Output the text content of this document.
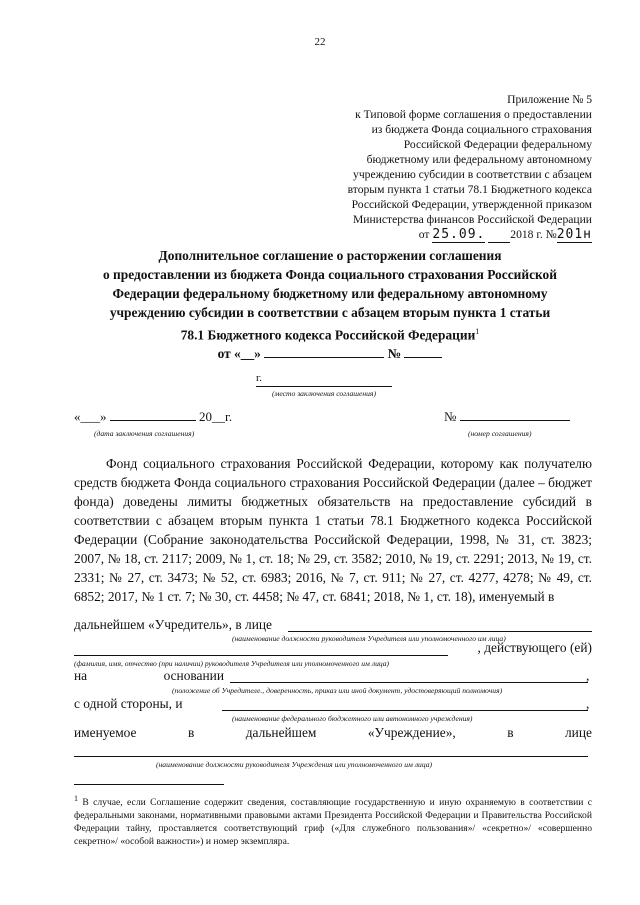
22
Приложение № 5
к Типовой форме соглашения о предоставлении
из бюджета Фонда социального страхования
Российской Федерации федеральному
бюджетному или федеральному автономному
учреждению субсидии в соответствии с абзацем
вторым пункта 1 статьи 78.1 Бюджетного кодекса
Российской Федерации, утвержденной приказом
Министерства финансов Российской Федерации
от 25.09. 2018 г. №201н
Дополнительное соглашение о расторжении соглашения
о предоставлении из бюджета Фонда социального страхования Российской
Федерации федеральному бюджетному или федеральному автономному
учреждению субсидии в соответствии с абзацем вторым пункта 1 статьи
78.1 Бюджетного кодекса Российской Федерации$^1$
от «__»	№
г.
(место заключения соглашения)
«___»	20__г.
(дата заключения соглашения)
№
(номер соглашения)

Фонд социального страхования Российской Федерации, которому как получателю средств бюджета Фонда социального страхования Российской Федерации (далее – бюджет фонда) доведены лимиты бюджетных обязательств на предоставление субсидий в соответствии с абзацем вторым пункта 1 статьи 78.1 Бюджетного кодекса Российской Федерации (Собрание законодательства Российской Федерации, 1998, № 31, ст. 3823; 2007, № 18, ст. 2117; 2009, № 1, ст. 18; № 29, ст. 3582; 2010, № 19, ст. 2291; 2013, № 19, ст. 2331; № 27, ст. 3473; № 52, ст. 6983; 2016, № 7, ст. 911; № 27, ст. 4277, 4278; № 49, ст. 6852; 2017, № 1 ст. 7; № 30, ст. 4458; № 47, ст. 6841; 2018, № 1, ст. 18), именуемый в

дальнейшем «Учредитель», в лице
(наименование должности руководителя Учредителя или уполномоченного им лица)
, действующего (ей)
(фамилия, имя, отчество (при наличии) руководителя Учредителя или уполномоченного им лица)
на	основании	,
(положение об Учредителе., доверенность, приказ или иной документ, удостоверяющий полномочия)
с одной стороны, и	,
(наименование федерального бюджетного или автономного учреждения)
именуемое	в	дальнейшем	«Учреждение»,	в	лице
(наименование должности руководителя Учреждения или уполномоченного им лица)
$^1$ В случае, если Соглашение содержит сведения, составляющие государственную и иную охраняемую в соответствии с федеральными законами, нормативными правовыми актами Президента Российской Федерации и Правительства Российской Федерации тайну, проставляется соответствующий гриф («Для служебного пользования»/ «секретно»/ «совершенно секретно»/ «особой важности») и номер экземпляра.
